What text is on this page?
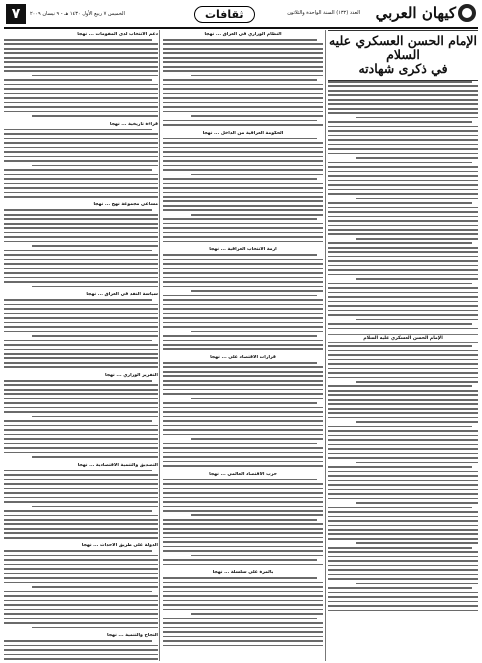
كيهان العربي
العدد (١٣٢) السنة الواحدة والثلاثون
ثقافات
الخميس ٧ ربيع الأول ١٤٣٠ هـ - ٩ نيسان ٢٠٠٩
٧
الإمام الحسن العسكري عليه السلام
في ذكرى شهادته
الإمام الحسن العسكري عليه السلام
النظام الوزاري في العراق ... نهجا
الحكومة العراقية من الداخل ... نهجا
أزمة الانتخاب العراقية ... نهجا
قرارات الاقتصاد على ... نهجا
حرب الاقتصاد العالمي ... نهجا
بالمرة على سلسلة ... نهجا
دعم الانتخاب لدى المقومات ... نهجا
قراءة تاريخية ... نهجا
مساعي مجموعة نهج ... نهجا
سياسة النقد في العراق ... نهجا
التقرير الوزاري ... نهجا
التصديق والتنمية الاقتصادية ... نهجا
الدولة على طريق الأحداث ... نهجا
النجاح والتنمية ... نهجا
